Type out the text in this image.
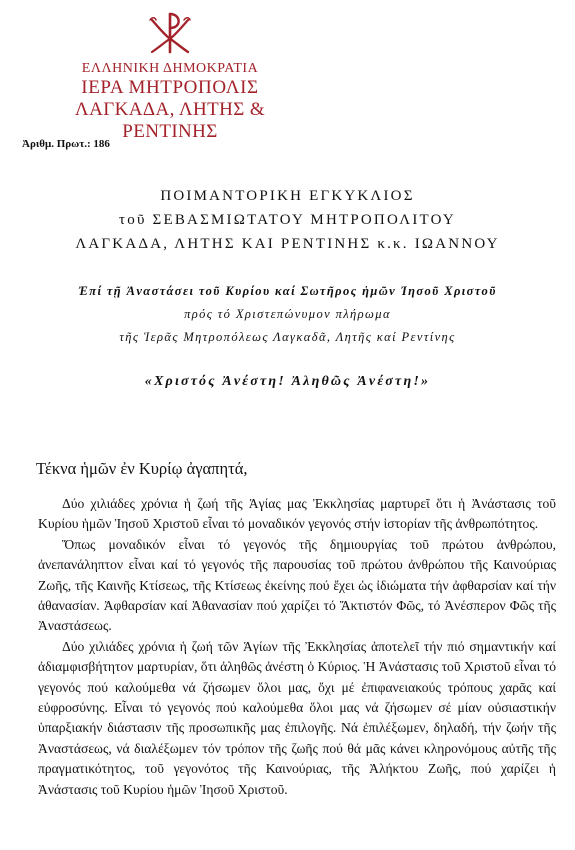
ΕΛΛΗΝΙΚΗ ΔΗΜΟΚΡΑΤΙΑ
ΙΕΡΑ ΜΗΤΡΟΠΟΛΙΣ
ΛΑΓΚΑΔΑ, ΛΗΤΗΣ & ΡΕΝΤΙΝΗΣ
Ἀριθμ. Πρωτ.: 186

ΠΟΙΜΑΝΤΟΡΙΚΗ ΕΓΚΥΚΛΙΟΣ

τοῦ ΣΕΒΑΣΜΙΩΤΑΤΟΥ ΜΗΤΡΟΠΟΛΙΤΟΥ

ΛΑΓΚΑΔΑ, ΛΗΤΗΣ ΚΑΙ ΡΕΝΤΙΝΗΣ κ.κ. ΙΩΑΝΝΟΥ

Ἐπί τῇ Ἀναστάσει τοῦ Κυρίου καί Σωτῆρος ἡμῶν Ἰησοῦ Χριστοῦ

πρός τό Χριστεπώνυμον πλήρωμα

τῆς Ἱερᾶς Μητροπόλεως Λαγκαδᾶ, Λητῆς καί Ρεντίνης

«Χριστός Ἀνέστη! Ἀληθῶς Ἀνέστη!»
Τέκνα ἡμῶν ἐν Κυρίῳ ἀγαπητά,

Δύο χιλιάδες χρόνια ἡ ζωή τῆς Ἁγίας μας Ἐκκλησίας μαρτυρεῖ ὅτι ἡ Ἀνάστασις τοῦ Κυρίου ἡμῶν Ἰησοῦ Χριστοῦ εἶναι τό μοναδικόν γεγονός στήν ἱστορίαν τῆς ἀνθρωπότητος.

Ὅπως μοναδικόν εἶναι τό γεγονός τῆς δημιουργίας τοῦ πρώτου ἀνθρώπου, ἀνεπανάληπτον εἶναι καί τό γεγονός τῆς παρουσίας τοῦ πρώτου ἀνθρώπου τῆς Καινούριας Ζωῆς, τῆς Καινῆς Κτίσεως, τῆς Κτίσεως ἐκείνης πού ἔχει ὡς ἰδιώματα τήν ἀφθαρσίαν καί τήν ἀθανασίαν. Ἀφθαρσίαν καί Ἀθανασίαν πού χαρίζει τό Ἄκτιστόν Φῶς, τό Ἀνέσπερον Φῶς τῆς Ἀναστάσεως.

Δύο χιλιάδες χρόνια ἡ ζωή τῶν Ἁγίων τῆς Ἐκκλησίας ἀποτελεῖ τήν πιό σημαντικήν καί ἀδιαμφισβήτητον μαρτυρίαν, ὅτι ἀληθῶς ἀνέστη ὁ Κύριος. Ἡ Ἀνάστασις τοῦ Χριστοῦ εἶναι τό γεγονός πού καλούμεθα νά ζήσωμεν ὅλοι μας, ὄχι μέ ἐπιφανειακούς τρόπους χαρᾶς καί εὐφροσύνης. Εἶναι τό γεγονός πού καλούμεθα ὅλοι μας νά ζήσωμεν σέ μίαν οὐσιαστικήν ὑπαρξιακήν διάστασιν τῆς προσωπικῆς μας ἐπιλογῆς. Νά ἐπιλέξωμεν, δηλαδή, τήν ζωήν τῆς Ἀναστάσεως, νά διαλέξωμεν τόν τρόπον τῆς ζωῆς πού θά μᾶς κάνει κληρονόμους αὐτῆς τῆς πραγματικότητος, τοῦ γεγονότος τῆς Καινούριας, τῆς Ἀλήκτου Ζωῆς, πού χαρίζει ἡ Ἀνάστασις τοῦ Κυρίου ἡμῶν Ἰησοῦ Χριστοῦ.
